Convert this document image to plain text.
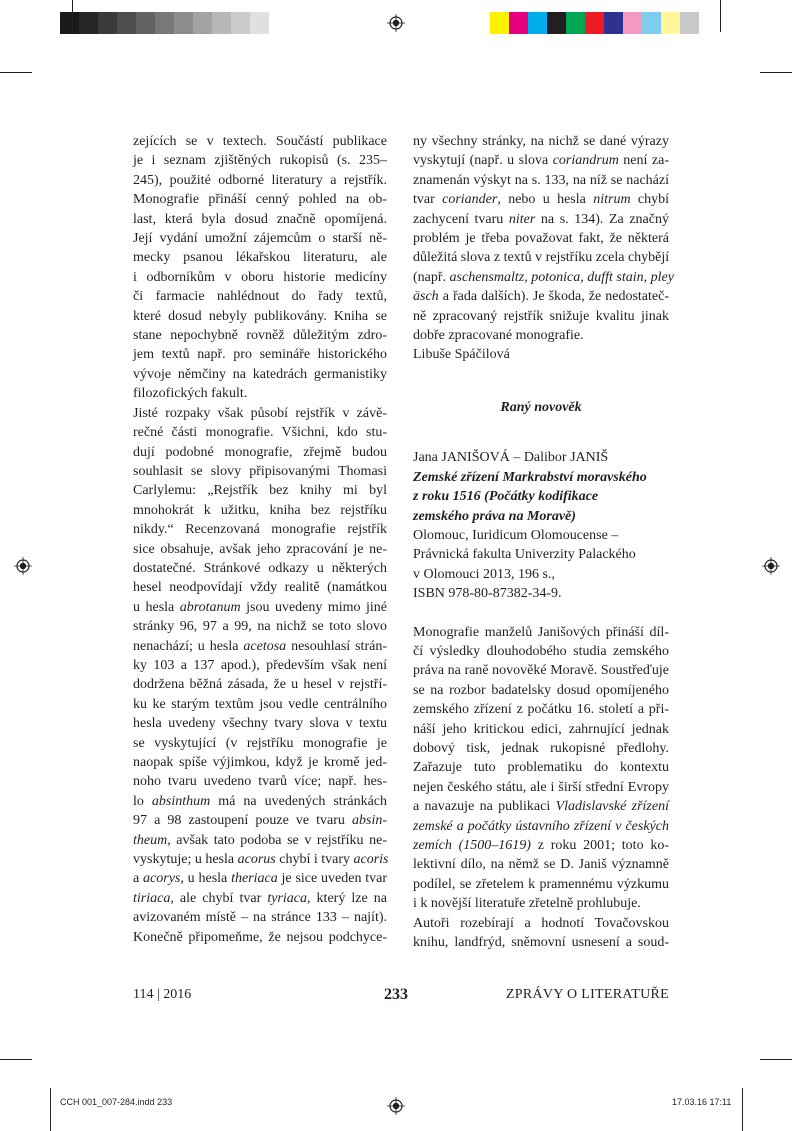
zejících se v textech. Součástí publikace
je i seznam zjištěných rukopisů (s. 235–
245), použité odborné literatury a rejstřík.
Monografie přináší cenný pohled na ob-
last, která byla dosud značně opomíjená.
Její vydání umožní zájemcům o starší ně-
mecky psanou lékařskou literaturu, ale
i odborníkům v oboru historie medicíny
či farmacie nahlédnout do řady textů,
které dosud nebyly publikovány. Kniha se
stane nepochybně rovněž důležitým zdro-
jem textů např. pro semináře historického
vývoje němčiny na katedrách germanistiky
filozofických fakult.

Jisté rozpaky však působí rejstřík v závě-
rečné části monografie. Všichni, kdo stu-
dují podobné monografie, zřejmě budou
souhlasit se slovy připisovanými Thomasi
Carlylemu: „Rejstřík bez knihy mi byl
mnohokrát k užitku, kniha bez rejstříku
nikdy.“ Recenzovaná monografie rejstřík
sice obsahuje, avšak jeho zpracování je ne-
dostatečné. Stránkové odkazy u některých
hesel neodpovídají vždy realitě (namátkou
u hesla abrotanum jsou uvedeny mimo jiné
stránky 96, 97 a 99, na nichž se toto slovo
nenachází; u hesla acetosa nesouhlasí strán-
ky 103 a 137 apod.), především však není
dodržena běžná zásada, že u hesel v rejstří-
ku ke starým textům jsou vedle centrálního
hesla uvedeny všechny tvary slova v textu
se vyskytující (v rejstříku monografie je
naopak spíše výjimkou, když je kromě jed-
noho tvaru uvedeno tvarů více; např. hes-
lo absinthum má na uvedených stránkách
97 a 98 zastoupení pouze ve tvaru absin-
theum, avšak tato podoba se v rejstříku ne-
vyskytuje; u hesla acorus chybí i tvary acoris
a acorys, u hesla theriaca je sice uveden tvar
tiriaca, ale chybí tvar tyriaca, který lze na
avizovaném místě – na stránce 133 – najít).
Konečně připomeňme, že nejsou podchyce-

ny všechny stránky, na nichž se dané výrazy
vyskytují (např. u slova coriandrum není za-
znamenán výskyt na s. 133, na níž se nachází
tvar coriander, nebo u hesla nitrum chybí
zachycení tvaru niter na s. 134). Za značný
problém je třeba považovat fakt, že některá
důležitá slova z textů v rejstříku zcela chybějí
(např. aschensmaltz, potonica, dufft stain, pley
äsch a řada dalších). Je škoda, že nedostateč-
ně zpracovaný rejstřík snižuje kvalitu jinak
dobře zpracované monografie.

Libuše Spáčilová

Raný novověk
Jana JANIŠOVÁ – Dalibor JANIŠ
Zemské zřízení Markrabství moravského
z roku 1516 (Počátky kodifikace
zemského práva na Moravě)
Olomouc, Iuridicum Olomoucense –
Právnická fakulta Univerzity Palackého
v Olomouci 2013, 196 s.,
ISBN 978-80-87382-34-9.

Monografie manželů Janišových přináší díl-
čí výsledky dlouhodobého studia zemského
práva na raně novověké Moravě. Soustřeďuje
se na rozbor badatelsky dosud opomíjeného
zemského zřízení z počátku 16. století a při-
náší jeho kritickou edici, zahrnující jednak
dobový tisk, jednak rukopisné předlohy.
Zařazuje tuto problematiku do kontextu
nejen českého státu, ale i širší střední Evropy
a navazuje na publikaci Vladislavské zřízení
zemské a počátky ústavního zřízení v českých
zemích (1500–1619) z roku 2001; toto ko-
lektivní dílo, na němž se D. Janiš významně
podílel, se zřetelem k pramennému výzkumu
i k novější literatuře zřetelně prohlubuje.
Autoři rozebírají a hodnotí Tovačovskou
knihu, landfrýd, sněmovní usnesení a soud-

114 | 2016	233	ZPRÁVY O LITERATUŘE
CCH 001_007-284.indd 233	17.03.16 17:11
